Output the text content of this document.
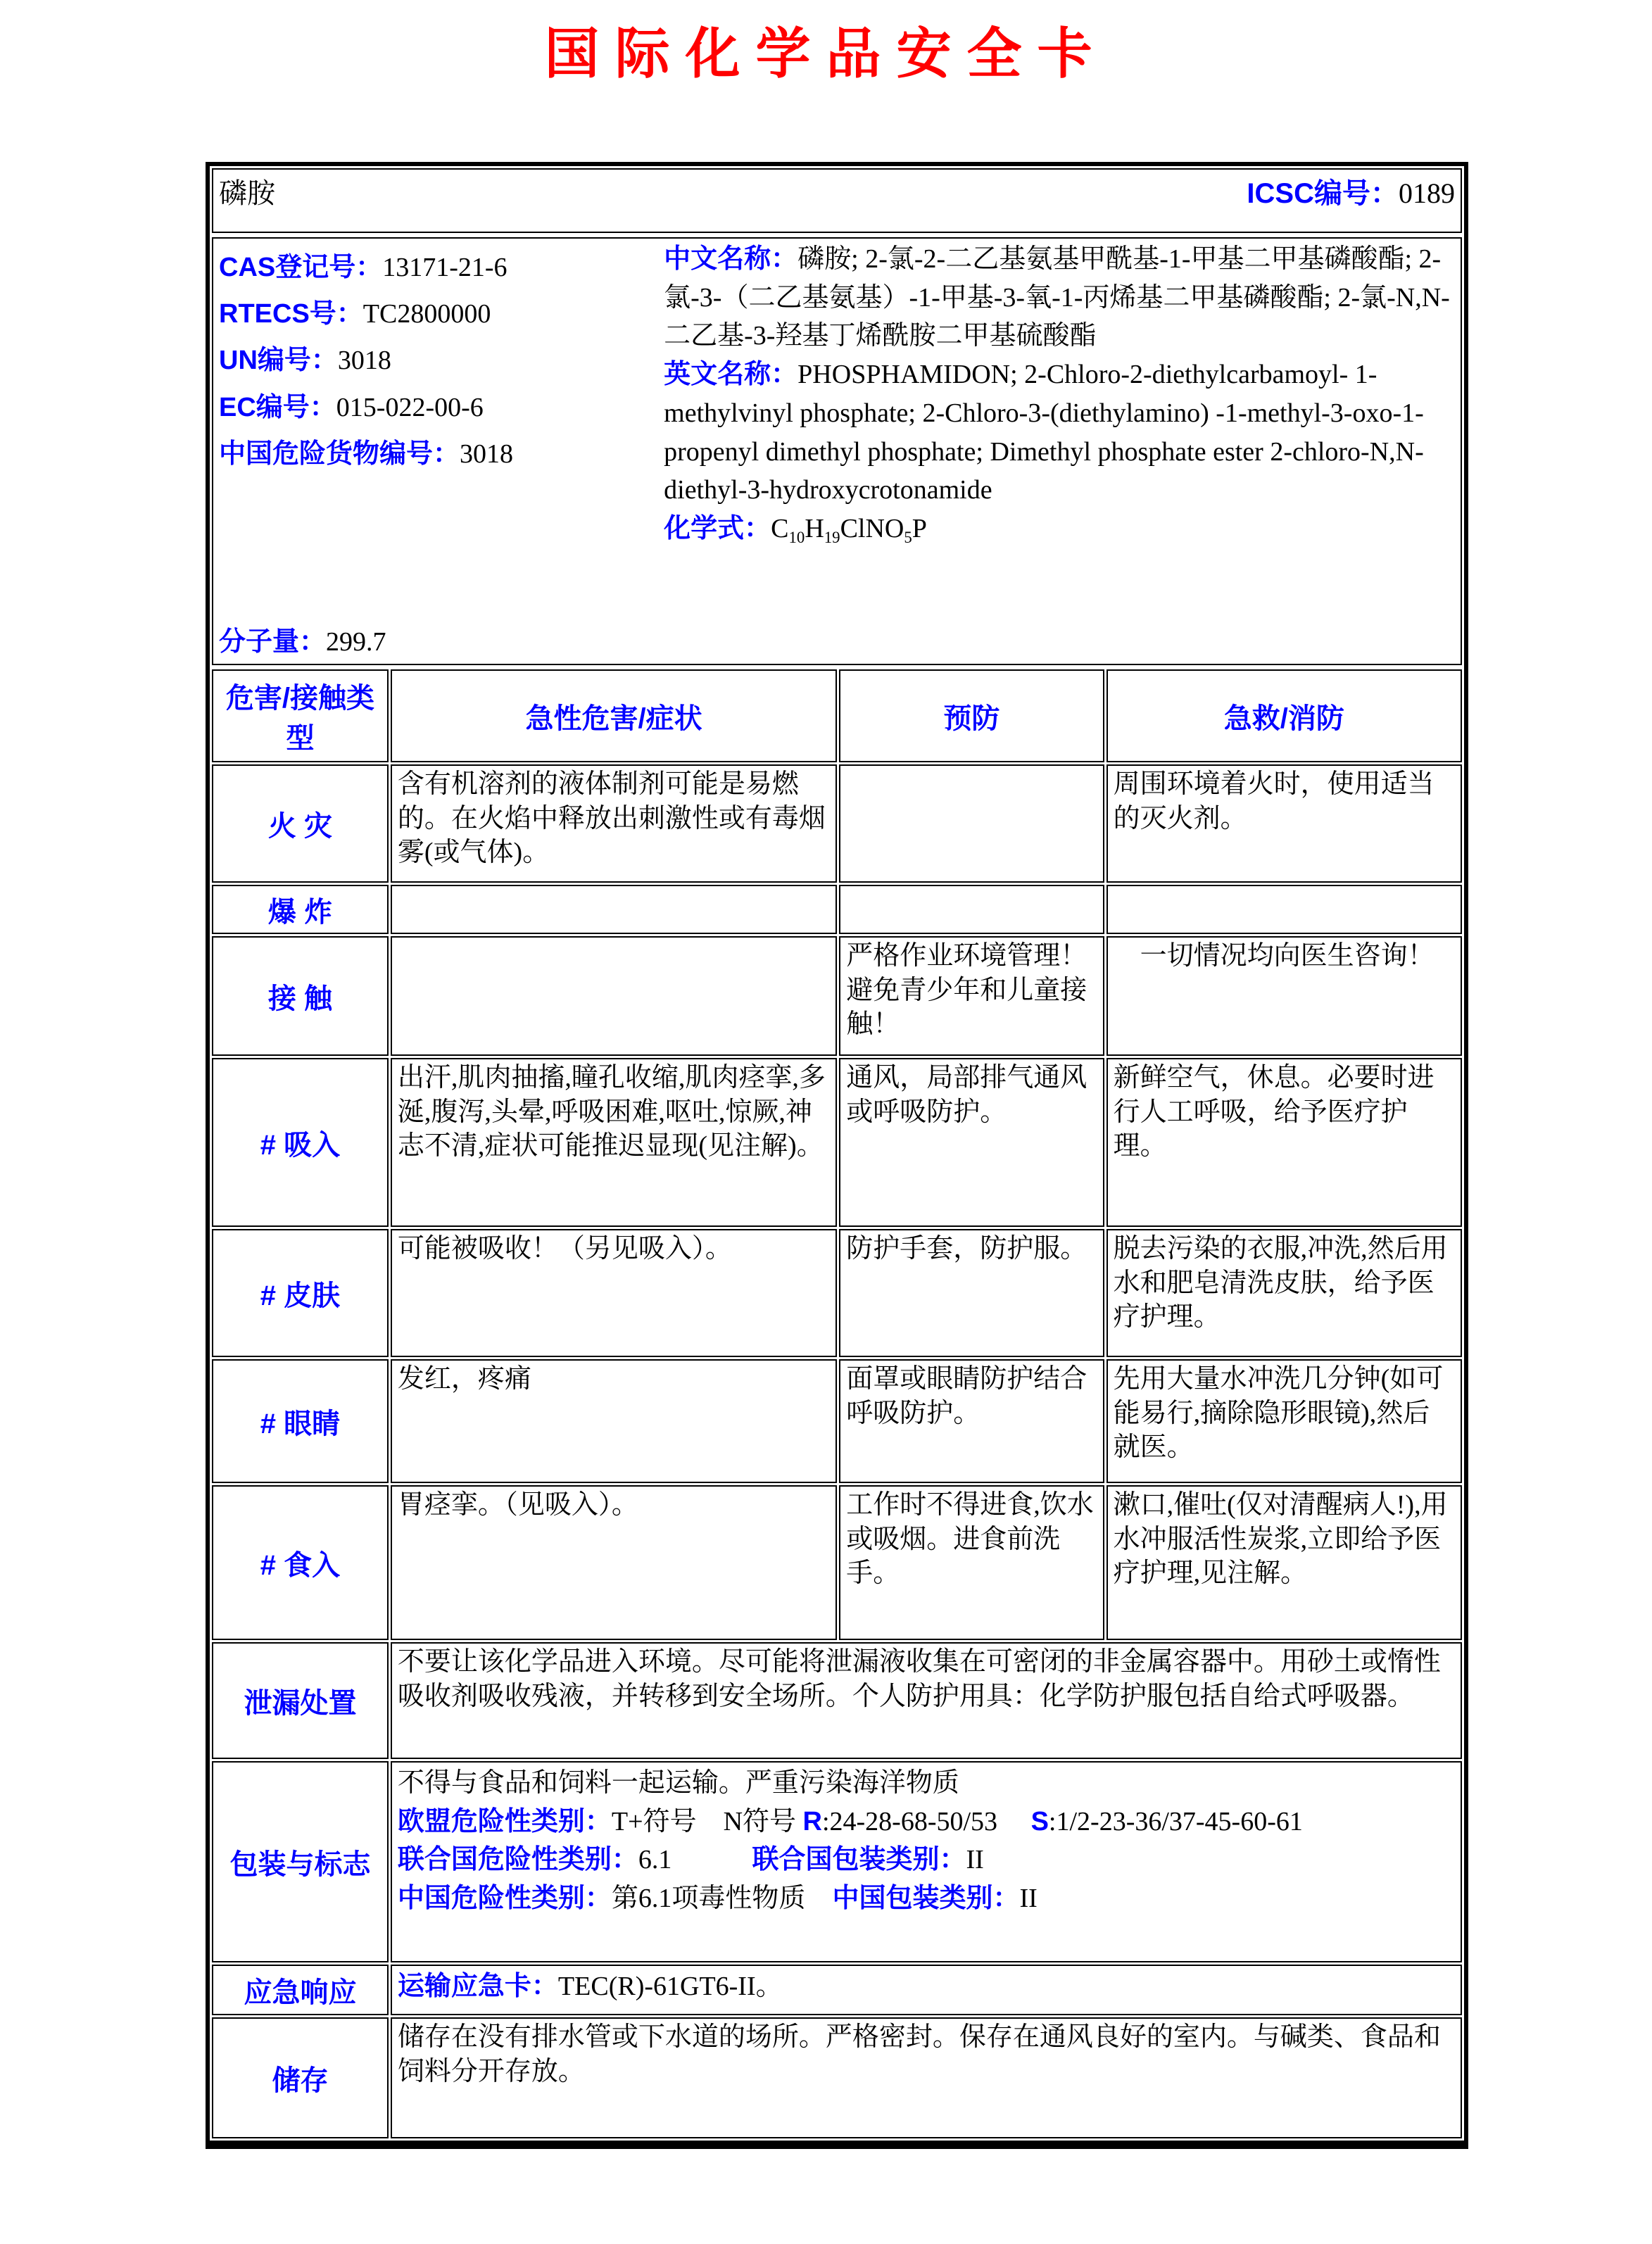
国际化学品安全卡
磷胺	ICSC编号：0189
CAS登记号：13171-21-6
RTECS号：TC2800000
UN编号：3018
EC编号：015-022-00-6
中国危险货物编号：3018
分子量：299.7
中文名称：磷胺; 2-氯-2-二乙基氨基甲酰基-1-甲基二甲基磷酸酯; 2-氯-3-（二乙基氨基）-1-甲基-3-氧-1-丙烯基二甲基磷酸酯; 2-氯-N,N-二乙基-3-羟基丁烯酰胺二甲基硫酸酯
英文名称：PHOSPHAMIDON; 2-Chloro-2-diethylcarbamoyl- 1-methylvinyl phosphate; 2-Chloro-3-(diethylamino) -1-methyl-3-oxo-1-propenyl dimethyl phosphate; Dimethyl phosphate ester 2-chloro-N,N-diethyl-3-hydroxycrotonamide
化学式：$C_{10}H_{19}ClNO_5P$
危害/接触类型	急性危害/症状	预防	急救/消防
火 灾	含有机溶剂的液体制剂可能是易燃的。在火焰中释放出刺激性或有毒烟雾(或气体)。		周围环境着火时，使用适当的灭火剂。
爆 炸			
接 触		严格作业环境管理！避免青少年和儿童接触！	　一切情况均向医生咨询！
# 吸入	出汗,肌肉抽搐,瞳孔收缩,肌肉痉挛,多涎,腹泻,头晕,呼吸困难,呕吐,惊厥,神志不清,症状可能推迟显现(见注解)。	通风，局部排气通风或呼吸防护。	新鲜空气，休息。必要时进行人工呼吸，给予医疗护理。
# 皮肤	可能被吸收！（另见吸入）。	防护手套，防护服。	脱去污染的衣服,冲洗,然后用水和肥皂清洗皮肤，给予医疗护理。
# 眼睛	发红，疼痛	面罩或眼睛防护结合呼吸防护。	先用大量水冲洗几分钟(如可能易行,摘除隐形眼镜),然后就医。
# 食入	胃痉挛。（见吸入）。	工作时不得进食,饮水或吸烟。进食前洗手。	漱口,催吐(仅对清醒病人!),用水冲服活性炭浆,立即给予医疗护理,见注解。
泄漏处置	不要让该化学品进入环境。尽可能将泄漏液收集在可密闭的非金属容器中。用砂土或惰性吸收剂吸收残液，并转移到安全场所。个人防护用具：化学防护服包括自给式呼吸器。		
包装与标志	不得与食品和饲料一起运输。严重污染海洋物质
欧盟危险性类别：T+符号　N符号 R:24-28-68-50/53　 S:1/2-23-36/37-45-60-61
联合国危险性类别：6.1　　　联合国包装类别：II
中国危险性类别：第6.1项毒性物质　中国包装类别：II		

应急响应	运输应急卡：TEC(R)-61GT6-II。		

储存	储存在没有排水管或下水道的场所。严格密封。保存在通风良好的室内。与碱类、食品和饲料分开存放。		
